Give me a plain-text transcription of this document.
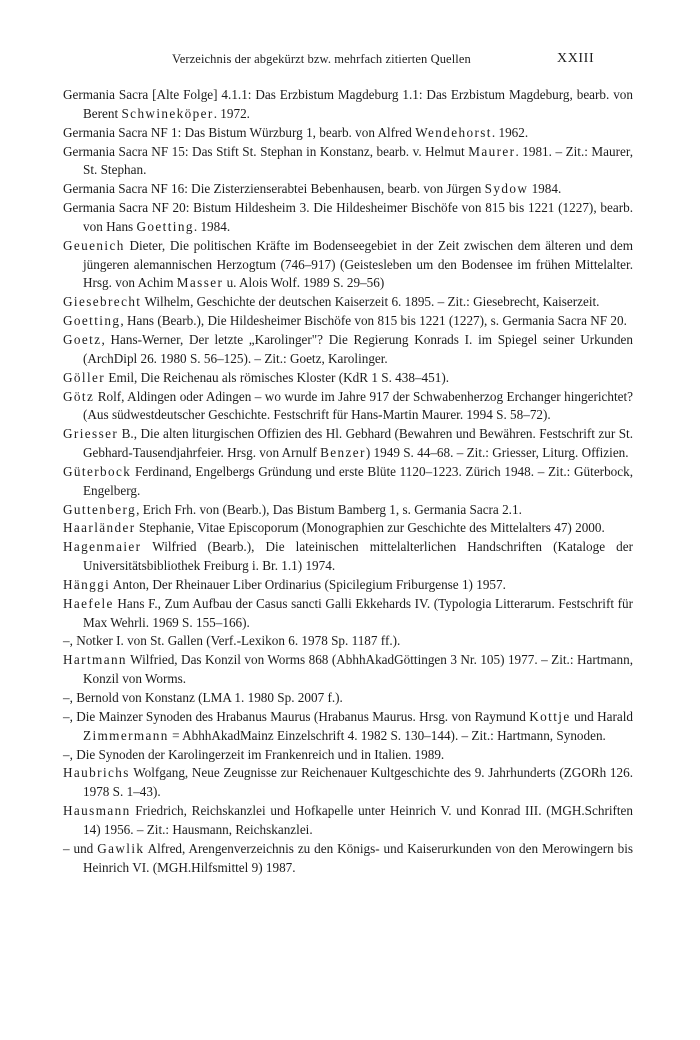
Verzeichnis der abgekürzt bzw. mehrfach zitierten Quellen	XXIII

Germania Sacra [Alte Folge] 4.1.1: Das Erzbistum Magdeburg 1.1: Das Erzbistum Magdeburg, bearb. von Berent Schwineköper. 1972.

Germania Sacra NF 1: Das Bistum Würzburg 1, bearb. von Alfred Wendehorst. 1962.

Germania Sacra NF 15: Das Stift St. Stephan in Konstanz, bearb. v. Helmut Maurer. 1981. – Zit.: Maurer, St. Stephan.

Germania Sacra NF 16: Die Zisterzienserabtei Bebenhausen, bearb. von Jürgen Sydow 1984.

Germania Sacra NF 20: Bistum Hildesheim 3. Die Hildesheimer Bischöfe von 815 bis 1221 (1227), bearb. von Hans Goetting. 1984.

Geuenich Dieter, Die politischen Kräfte im Bodenseegebiet in der Zeit zwischen dem älteren und dem jüngeren alemannischen Herzogtum (746–917) (Geistesleben um den Bodensee im frühen Mittelalter. Hrsg. von Achim Masser u. Alois Wolf. 1989 S. 29–56)

Giesebrecht Wilhelm, Geschichte der deutschen Kaiserzeit 6. 1895. – Zit.: Giesebrecht, Kaiserzeit.

Goetting, Hans (Bearb.), Die Hildesheimer Bischöfe von 815 bis 1221 (1227), s. Germania Sacra NF 20.

Goetz, Hans-Werner, Der letzte „Karolinger"? Die Regierung Konrads I. im Spiegel seiner Urkunden (ArchDipl 26. 1980 S. 56–125). – Zit.: Goetz, Karolinger.

Göller Emil, Die Reichenau als römisches Kloster (KdR 1 S. 438–451).

Götz Rolf, Aldingen oder Adingen – wo wurde im Jahre 917 der Schwabenherzog Erchanger hingerichtet? (Aus südwestdeutscher Geschichte. Festschrift für Hans-Martin Maurer. 1994 S. 58–72).

Griesser B., Die alten liturgischen Offizien des Hl. Gebhard (Bewahren und Bewähren. Festschrift zur St. Gebhard-Tausendjahrfeier. Hrsg. von Arnulf Benzer) 1949 S. 44–68. – Zit.: Griesser, Liturg. Offizien.

Güterbock Ferdinand, Engelbergs Gründung und erste Blüte 1120–1223. Zürich 1948. – Zit.: Güterbock, Engelberg.

Guttenberg, Erich Frh. von (Bearb.), Das Bistum Bamberg 1, s. Germania Sacra 2.1.

Haarländer Stephanie, Vitae Episcoporum (Monographien zur Geschichte des Mittelalters 47) 2000.

Hagenmaier Wilfried (Bearb.), Die lateinischen mittelalterlichen Handschriften (Kataloge der Universitätsbibliothek Freiburg i. Br. 1.1) 1974.

Hänggi Anton, Der Rheinauer Liber Ordinarius (Spicilegium Friburgense 1) 1957.

Haefele Hans F., Zum Aufbau der Casus sancti Galli Ekkehards IV. (Typologia Litterarum. Festschrift für Max Wehrli. 1969 S. 155–166).

–, Notker I. von St. Gallen (Verf.-Lexikon 6. 1978 Sp. 1187 ff.).

Hartmann Wilfried, Das Konzil von Worms 868 (AbhhAkadGöttingen 3 Nr. 105) 1977. – Zit.: Hartmann, Konzil von Worms.

–, Bernold von Konstanz (LMA 1. 1980 Sp. 2007 f.).

–, Die Mainzer Synoden des Hrabanus Maurus (Hrabanus Maurus. Hrsg. von Raymund Kottje und Harald Zimmermann = AbhhAkadMainz Einzelschrift 4. 1982 S. 130–144). – Zit.: Hartmann, Synoden.

–, Die Synoden der Karolingerzeit im Frankenreich und in Italien. 1989.

Haubrichs Wolfgang, Neue Zeugnisse zur Reichenauer Kultgeschichte des 9. Jahrhunderts (ZGORh 126. 1978 S. 1–43).

Hausmann Friedrich, Reichskanzlei und Hofkapelle unter Heinrich V. und Konrad III. (MGH.Schriften 14) 1956. – Zit.: Hausmann, Reichskanzlei.

– und Gawlik Alfred, Arengenverzeichnis zu den Königs- und Kaiserurkunden von den Merowingern bis Heinrich VI. (MGH.Hilfsmittel 9) 1987.
